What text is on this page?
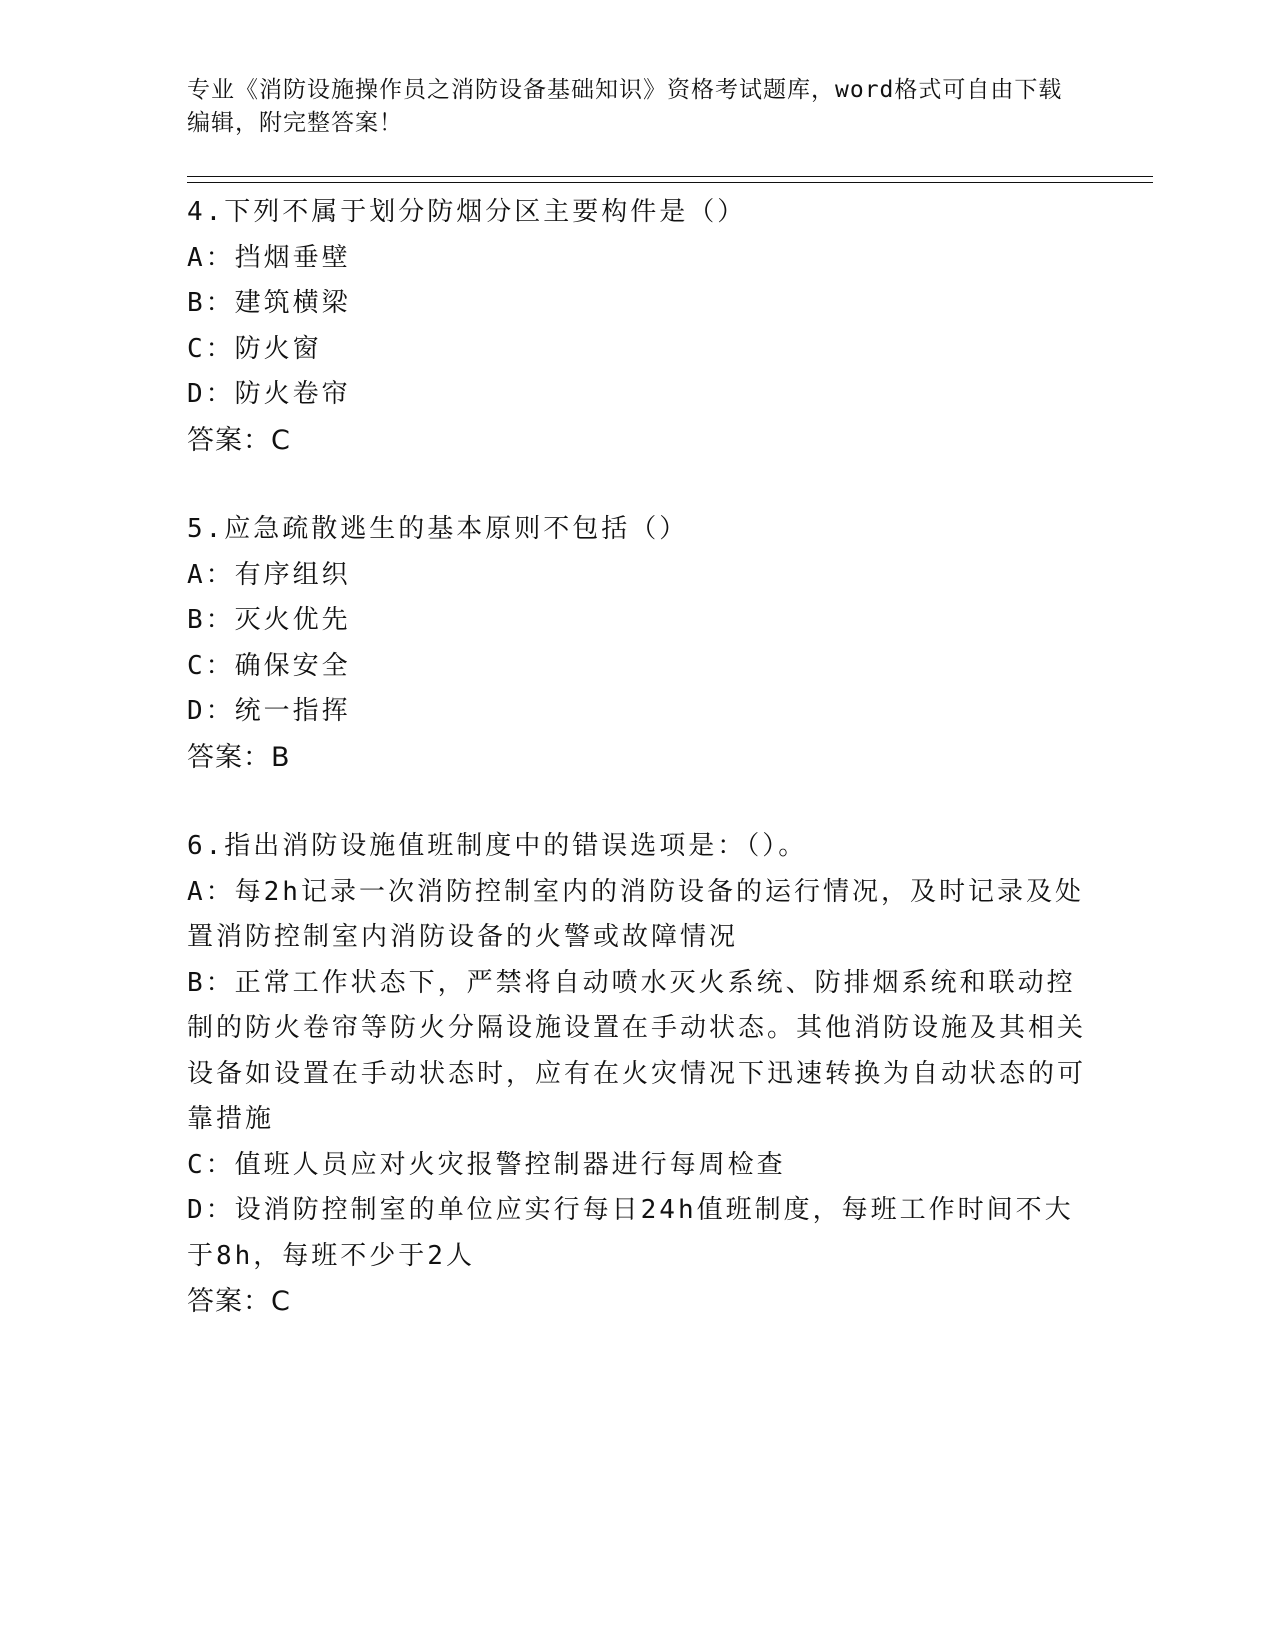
专业《消防设施操作员之消防设备基础知识》资格考试题库，word格式可自由下载编辑，附完整答案！
4.下列不属于划分防烟分区主要构件是（）
A： 挡烟垂壁
B： 建筑横梁
C： 防火窗
D： 防火卷帘
答案：C
5.应急疏散逃生的基本原则不包括（）
A： 有序组织
B： 灭火优先
C： 确保安全
D： 统一指挥
答案：B
6.指出消防设施值班制度中的错误选项是：（）。
A：每2h记录一次消防控制室内的消防设备的运行情况，及时记录及处置消防控制室内消防设备的火警或故障情况
B：正常工作状态下，严禁将自动喷水灭火系统、防排烟系统和联动控制的防火卷帘等防火分隔设施设置在手动状态。其他消防设施及其相关设备如设置在手动状态时，应有在火灾情况下迅速转换为自动状态的可靠措施
C：值班人员应对火灾报警控制器进行每周检查
D：设消防控制室的单位应实行每日24h值班制度，每班工作时间不大于8h，每班不少于2人
答案：C
